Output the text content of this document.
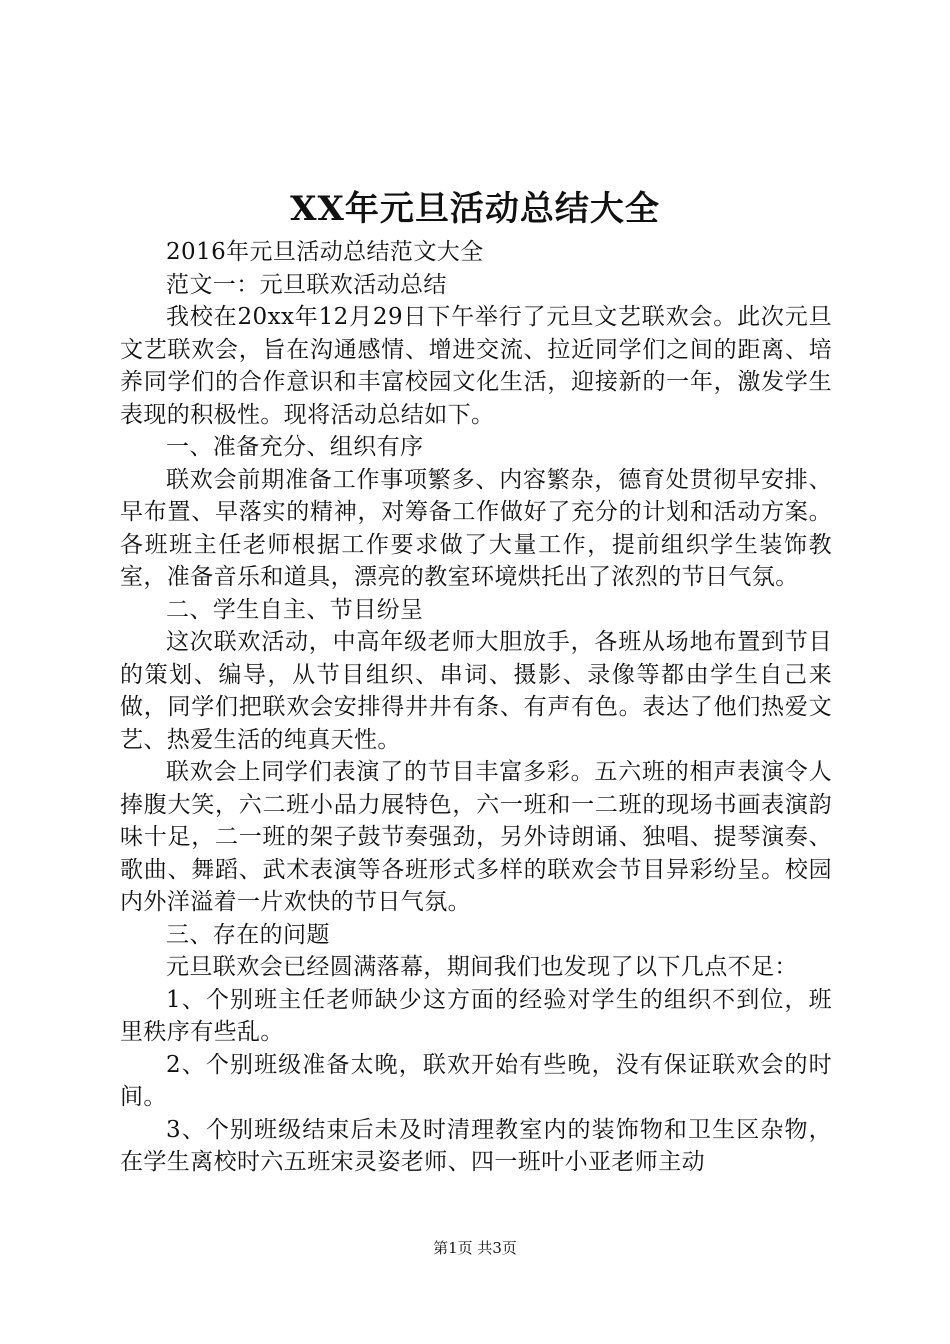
XX年元旦活动总结大全

2016年元旦活动总结范文大全

范文一：元旦联欢活动总结

我校在20xx年12月29日下午举行了元旦文艺联欢会。此次元旦文艺联欢会，旨在沟通感情、增进交流、拉近同学们之间的距离、培养同学们的合作意识和丰富校园文化生活，迎接新的一年，激发学生表现的积极性。现将活动总结如下。

一、准备充分、组织有序

联欢会前期准备工作事项繁多、内容繁杂，德育处贯彻早安排、早布置、早落实的精神，对筹备工作做好了充分的计划和活动方案。各班班主任老师根据工作要求做了大量工作，提前组织学生装饰教室，准备音乐和道具，漂亮的教室环境烘托出了浓烈的节日气氛。

二、学生自主、节目纷呈

这次联欢活动，中高年级老师大胆放手，各班从场地布置到节目的策划、编导，从节目组织、串词、摄影、录像等都由学生自己来做，同学们把联欢会安排得井井有条、有声有色。表达了他们热爱文艺、热爱生活的纯真天性。

联欢会上同学们表演了的节目丰富多彩。五六班的相声表演令人捧腹大笑，六二班小品力展特色，六一班和一二班的现场书画表演韵味十足，二一班的架子鼓节奏强劲，另外诗朗诵、独唱、提琴演奏、歌曲、舞蹈、武术表演等各班形式多样的联欢会节目异彩纷呈。校园内外洋溢着一片欢快的节日气氛。

三、存在的问题

元旦联欢会已经圆满落幕，期间我们也发现了以下几点不足：

1、个别班主任老师缺少这方面的经验对学生的组织不到位，班里秩序有些乱。

2、个别班级准备太晚，联欢开始有些晚，没有保证联欢会的时间。

3、个别班级结束后未及时清理教室内的装饰物和卫生区杂物，在学生离校时六五班宋灵姿老师、四一班叶小亚老师主动

第1页 共3页
